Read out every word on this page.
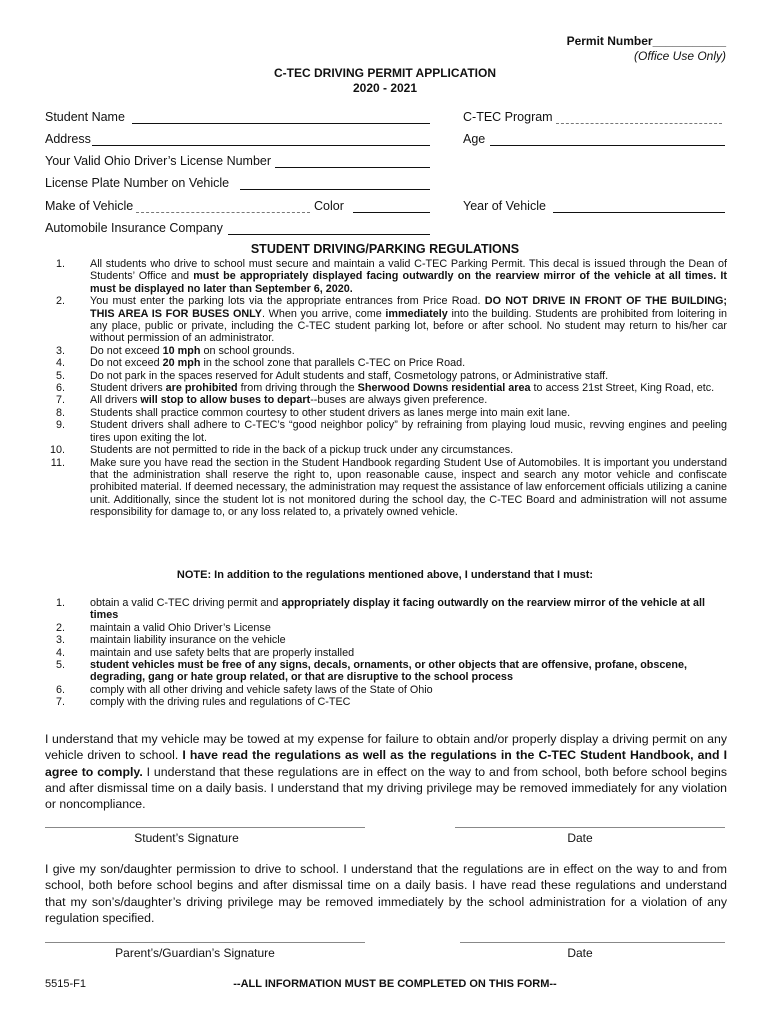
Permit Number___________
(Office Use Only)
C-TEC DRIVING PERMIT APPLICATION
2020 - 2021
Student Name	C-TEC Program
Address	Age
Your Valid Ohio Driver’s License Number
License Plate Number on Vehicle
Make of Vehicle	Color	Year of Vehicle
Automobile Insurance Company
STUDENT DRIVING/PARKING REGULATIONS
1. All students who drive to school must secure and maintain a valid C-TEC Parking Permit. This decal is issued through the Dean of Students’ Office and must be appropriately displayed facing outwardly on the rearview mirror of the vehicle at all times. It must be displayed no later than September 6, 2020.
2. You must enter the parking lots via the appropriate entrances from Price Road. DO NOT DRIVE IN FRONT OF THE BUILDING; THIS AREA IS FOR BUSES ONLY. When you arrive, come immediately into the building. Students are prohibited from loitering in any place, public or private, including the C-TEC student parking lot, before or after school. No student may return to his/her car without permission of an administrator.
3. Do not exceed 10 mph on school grounds.
4. Do not exceed 20 mph in the school zone that parallels C-TEC on Price Road.
5. Do not park in the spaces reserved for Adult students and staff, Cosmetology patrons, or Administrative staff.
6. Student drivers are prohibited from driving through the Sherwood Downs residential area to access 21st Street, King Road, etc.
7. All drivers will stop to allow buses to depart--buses are always given preference.
8. Students shall practice common courtesy to other student drivers as lanes merge into main exit lane.
9. Student drivers shall adhere to C-TEC’s “good neighbor policy” by refraining from playing loud music, revving engines and peeling tires upon exiting the lot.
10. Students are not permitted to ride in the back of a pickup truck under any circumstances.
11. Make sure you have read the section in the Student Handbook regarding Student Use of Automobiles. It is important you understand that the administration shall reserve the right to, upon reasonable cause, inspect and search any motor vehicle and confiscate prohibited material. If deemed necessary, the administration may request the assistance of law enforcement officials utilizing a canine unit. Additionally, since the student lot is not monitored during the school day, the C-TEC Board and administration will not assume responsibility for damage to, or any loss related to, a privately owned vehicle.
NOTE: In addition to the regulations mentioned above, I understand that I must:
1. obtain a valid C-TEC driving permit and appropriately display it facing outwardly on the rearview mirror of the vehicle at all times
2. maintain a valid Ohio Driver’s License
3. maintain liability insurance on the vehicle
4. maintain and use safety belts that are properly installed
5. student vehicles must be free of any signs, decals, ornaments, or other objects that are offensive, profane, obscene, degrading, gang or hate group related, or that are disruptive to the school process
6. comply with all other driving and vehicle safety laws of the State of Ohio
7. comply with the driving rules and regulations of C-TEC
I understand that my vehicle may be towed at my expense for failure to obtain and/or properly display a driving permit on any vehicle driven to school. I have read the regulations as well as the regulations in the C-TEC Student Handbook, and I agree to comply. I understand that these regulations are in effect on the way to and from school, both before school begins and after dismissal time on a daily basis. I understand that my driving privilege may be removed immediately for any violation or noncompliance.
Student’s Signature	Date
I give my son/daughter permission to drive to school. I understand that the regulations are in effect on the way to and from school, both before school begins and after dismissal time on a daily basis. I have read these regulations and understand that my son’s/daughter’s driving privilege may be removed immediately by the school administration for a violation of any regulation specified.
Parent’s/Guardian’s Signature	Date
5515-F1	--ALL INFORMATION MUST BE COMPLETED ON THIS FORM--
